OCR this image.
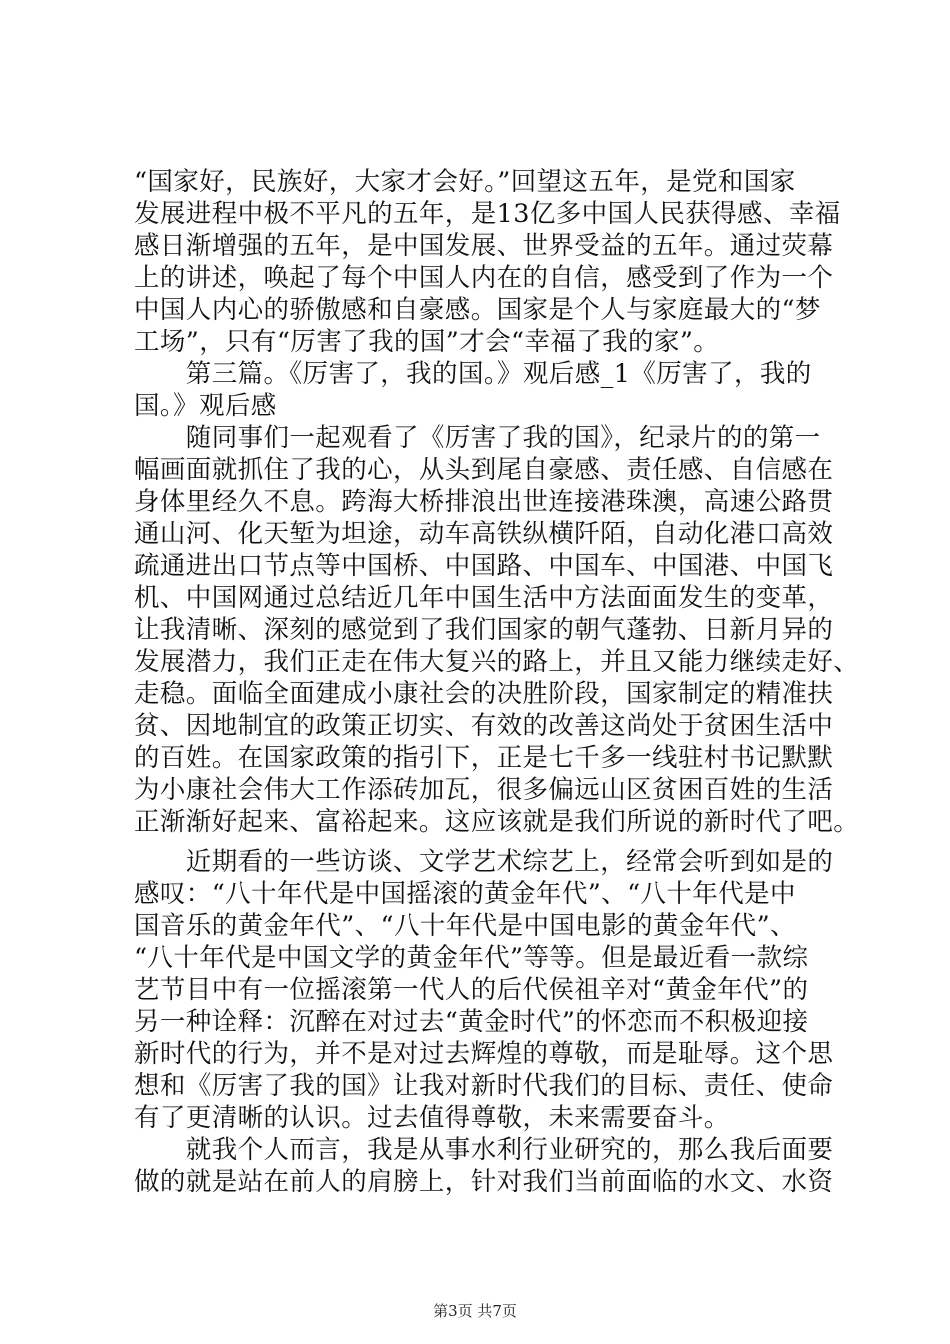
“国家好，民族好，大家才会好。”回望这五年，是党和国家
发展进程中极不平凡的五年，是13亿多中国人民获得感、幸福
感日渐增强的五年，是中国发展、世界受益的五年。通过荧幕
上的讲述，唤起了每个中国人内在的自信，感受到了作为一个
中国人内心的骄傲感和自豪感。国家是个人与家庭最大的“梦
工场”，只有“厉害了我的国”才会“幸福了我的家”。
　　第三篇。《厉害了，我的国。》观后感_1《厉害了，我的
国。》观后感
　　随同事们一起观看了《厉害了我的国》，纪录片的的第一
幅画面就抓住了我的心，从头到尾自豪感、责任感、自信感在
身体里经久不息。跨海大桥排浪出世连接港珠澳，高速公路贯
通山河、化天堑为坦途，动车高铁纵横阡陌，自动化港口高效
疏通进出口节点等中国桥、中国路、中国车、中国港、中国飞
机、中国网通过总结近几年中国生活中方法面面发生的变革，
让我清晰、深刻的感觉到了我们国家的朝气蓬勃、日新月异的
发展潜力，我们正走在伟大复兴的路上，并且又能力继续走好、
走稳。面临全面建成小康社会的决胜阶段，国家制定的精准扶
贫、因地制宜的政策正切实、有效的改善这尚处于贫困生活中
的百姓。在国家政策的指引下，正是七千多一线驻村书记默默
为小康社会伟大工作添砖加瓦，很多偏远山区贫困百姓的生活
正渐渐好起来、富裕起来。这应该就是我们所说的新时代了吧。
　　近期看的一些访谈、文学艺术综艺上，经常会听到如是的
感叹：“八十年代是中国摇滚的黄金年代”、“八十年代是中
国音乐的黄金年代”、“八十年代是中国电影的黄金年代”、
“八十年代是中国文学的黄金年代”等等。但是最近看一款综
艺节目中有一位摇滚第一代人的后代侯祖辛对“黄金年代”的
另一种诠释：沉醉在对过去“黄金时代”的怀恋而不积极迎接
新时代的行为，并不是对过去辉煌的尊敬，而是耻辱。这个思
想和《厉害了我的国》让我对新时代我们的目标、责任、使命
有了更清晰的认识。过去值得尊敬，未来需要奋斗。
　　就我个人而言，我是从事水利行业研究的，那么我后面要
做的就是站在前人的肩膀上，针对我们当前面临的水文、水资
第3页 共7页
